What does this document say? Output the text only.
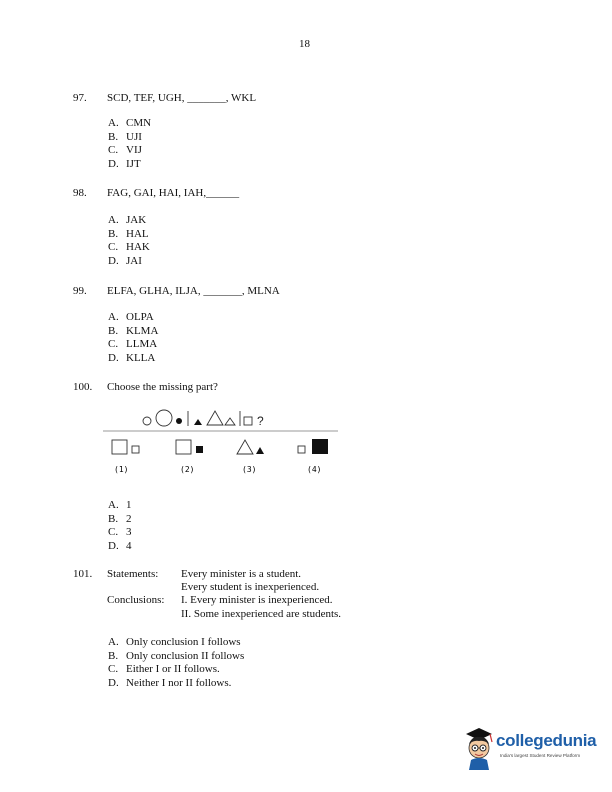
18
97. SCD, TEF, UGH, _______, WKL
A. CMN
B. UJI
C. VIJ
D. IJT
98. FAG, GAI, HAI, IAH,______
A. JAK
B. HAL
C. HAK
D. JAI
99. ELFA, GLHA, ILJA, _______, MLNA
A. OLPA
B. KLMA
C. LLMA
D. KLLA
100. Choose the missing part?
?
(1)	(2)	(3)	(4)
A. 1
B. 2
C. 3
D. 4
101. Statements: Every minister is a student.
Every student is inexperienced.
Conclusions: I. Every minister is inexperienced.
II. Some inexperienced are students.
A. Only conclusion I follows
B. Only conclusion II follows
C. Either I or II follows.
D. Neither I nor II follows.
collegedunia
India's largest Student Review Platform
